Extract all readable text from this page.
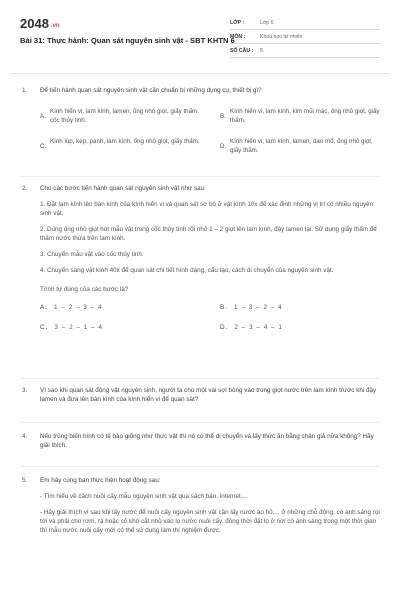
2048 .vn
Bài 31: Thực hành: Quan sát nguyên sinh vật - SBT KHTN 6
LỚP :	Lớp 6
MÔN :	Khoa học tự nhiên
SỐ CÂU :	5
1. Để tiến hành quan sát nguyên sinh vật cần chuẩn bị những dụng cụ, thiết bị gì?
A.
Kính hiển vi, lam kính, lamen, ống nhỏ giọt, giấy thấm, cốc thủy tinh.
B.
Kính hiển vi, lam kính, kim mũi mác, ống nhỏ giọt, giấy thấm.
C.
Kính lúp, kẹp, panh, lam kính, ống nhỏ giọt, giấy thấm.
D.
Kính hiển vi, lam kính, lamen, dao mổ, ống nhỏ giọt, giấy thấm.
2. Cho các bước tiến hành quan sát nguyên sinh vật như sau:
1. Đặt lam kính lên bàn kính của kính hiển vi và quan sát sơ bộ ở vật kính 10x để xác định những vị trí có nhiều nguyên sinh vật.
2. Dùng ống nhỏ giọt hút mẫu vật trong cốc thủy tinh rồi nhỏ 1 – 2 giọt lên lam kính, đậy lamen lại. Sử dụng giấy thấm để thấm nước thừa trên lam kính.
3. Chuyển mẫu vật vào cốc thủy tinh.
4. Chuyển sang vật kính 40x để quan sát chi tiết hình dạng, cấu tạo, cách di chuyển của nguyên sinh vật.
Trình tự đúng của các bước là?
A. 1 – 2 – 3 – 4	B. 1 – 3 – 2 – 4
C. 3 – 2 – 1 – 4	D. 2 – 3 – 4 – 1
3. Vì sao khi quan sát động vật nguyên sinh, người ta cho một vài sợi bông vào trong giọt nước trên lam kính trước khi đậy lamen và đưa lên bàn kính của kính hiển vi để quan sát?
4. Nếu trùng biến hình có tế bào giống như thực vật thì nó có thể di chuyển và lấy thức ăn bằng chân giả nữa không? Hãy giải thích.
5. Em hãy cùng bạn thực hiện hoạt động sau:
- Tìm hiểu về cách nuôi cấy mẫu nguyên sinh vật qua sách báo, internet,...
- Hãy giải thích vì sao khi lấy nước để nuôi cấy nguyên sinh vật cần lấy nước ao hồ,... ở những chỗ động, có ánh sáng rọi tới và phải cho rơm, rạ hoặc cỏ khô cắt nhỏ vào lọ nước nuôi cấy, đồng thời đặt lọ ở nơi có ánh sáng trong một thời gian thì mẫu nước nuôi cấy mới có thể sử dụng làm thí nghiệm được.
